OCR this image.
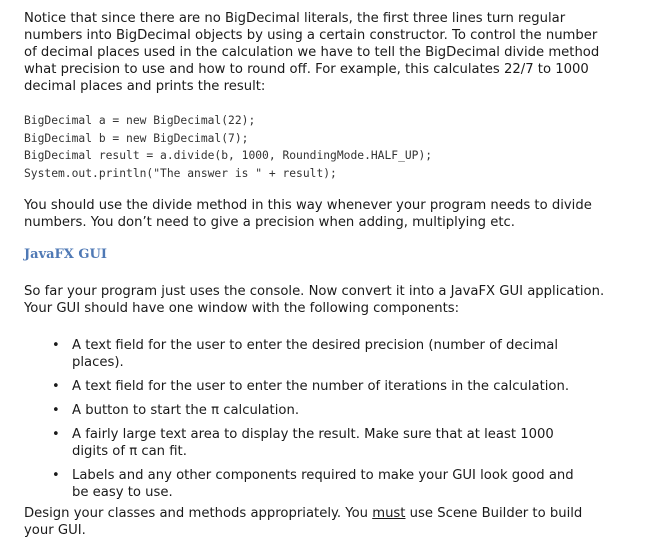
Notice that since there are no BigDecimal literals, the first three lines turn regular numbers into BigDecimal objects by using a certain constructor. To control the number of decimal places used in the calculation we have to tell the BigDecimal divide method what precision to use and how to round off. For example, this calculates 22/7 to 1000 decimal places and prints the result:

BigDecimal a = new BigDecimal(22);
BigDecimal b = new BigDecimal(7);
BigDecimal result = a.divide(b, 1000, RoundingMode.HALF_UP);
System.out.println("The answer is " + result);

You should use the divide method in this way whenever your program needs to divide numbers. You don’t need to give a precision when adding, multiplying etc.

JavaFX GUI

So far your program just uses the console. Now convert it into a JavaFX GUI application. Your GUI should have one window with the following components:

• A text field for the user to enter the desired precision (number of decimal places).
• A text field for the user to enter the number of iterations in the calculation.
• A button to start the π calculation.
• A fairly large text area to display the result. Make sure that at least 1000 digits of π can fit.
• Labels and any other components required to make your GUI look good and be easy to use.

Design your classes and methods appropriately. You must use Scene Builder to build your GUI.
